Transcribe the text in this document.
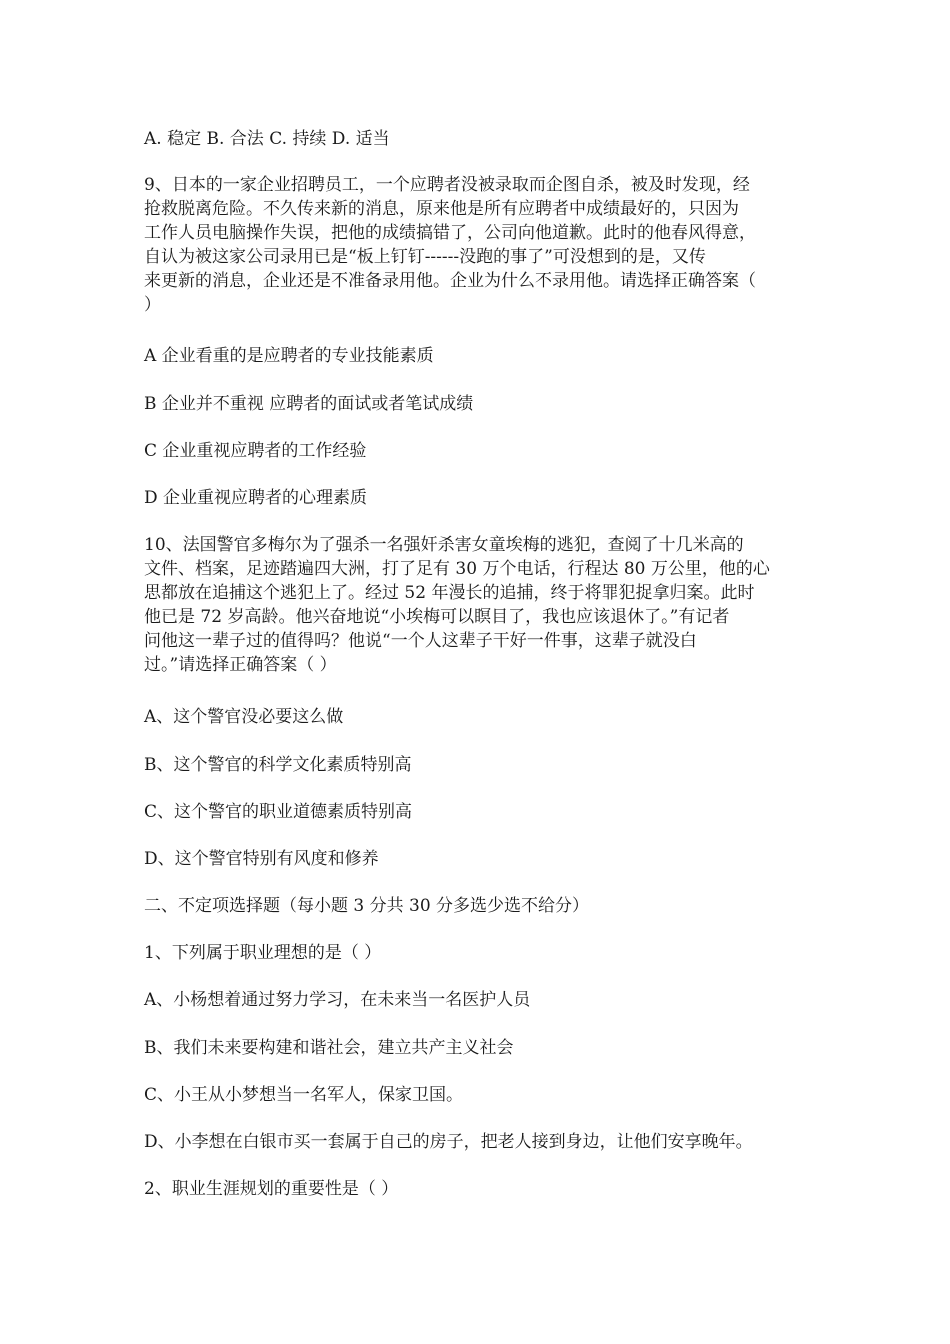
A. 稳定 B. 合法 C. 持续 D. 适当
9、日本的一家企业招聘员工，一个应聘者没被录取而企图自杀，被及时发现，经
抢救脱离危险。不久传来新的消息，原来他是所有应聘者中成绩最好的，只因为
工作人员电脑操作失误，把他的成绩搞错了，公司向他道歉。此时的他春风得意，
自认为被这家公司录用已是“板上钉钉------没跑的事了”可没想到的是，又传
来更新的消息，企业还是不准备录用他。企业为什么不录用他。请选择正确答案（
）
A 企业看重的是应聘者的专业技能素质
B 企业并不重视 应聘者的面试或者笔试成绩
C 企业重视应聘者的工作经验
D 企业重视应聘者的心理素质
10、法国警官多梅尔为了强杀一名强奸杀害女童埃梅的逃犯，查阅了十几米高的
文件、档案，足迹踏遍四大洲，打了足有 30 万个电话，行程达 80 万公里，他的心
思都放在追捕这个逃犯上了。经过 52 年漫长的追捕，终于将罪犯捉拿归案。此时
他已是 72 岁高龄。他兴奋地说“小埃梅可以瞑目了，我也应该退休了。”有记者
问他这一辈子过的值得吗？他说“一个人这辈子干好一件事，这辈子就没白
过。”请选择正确答案（ ）
A、这个警官没必要这么做
B、这个警官的科学文化素质特别高
C、这个警官的职业道德素质特别高
D、这个警官特别有风度和修养
二、不定项选择题（每小题 3 分共 30 分多选少选不给分）
1、下列属于职业理想的是（ ）
A、小杨想着通过努力学习，在未来当一名医护人员
B、我们未来要构建和谐社会，建立共产主义社会
C、小王从小梦想当一名军人，保家卫国。
D、小李想在白银市买一套属于自己的房子，把老人接到身边，让他们安享晚年。
2、职业生涯规划的重要性是（ ）
